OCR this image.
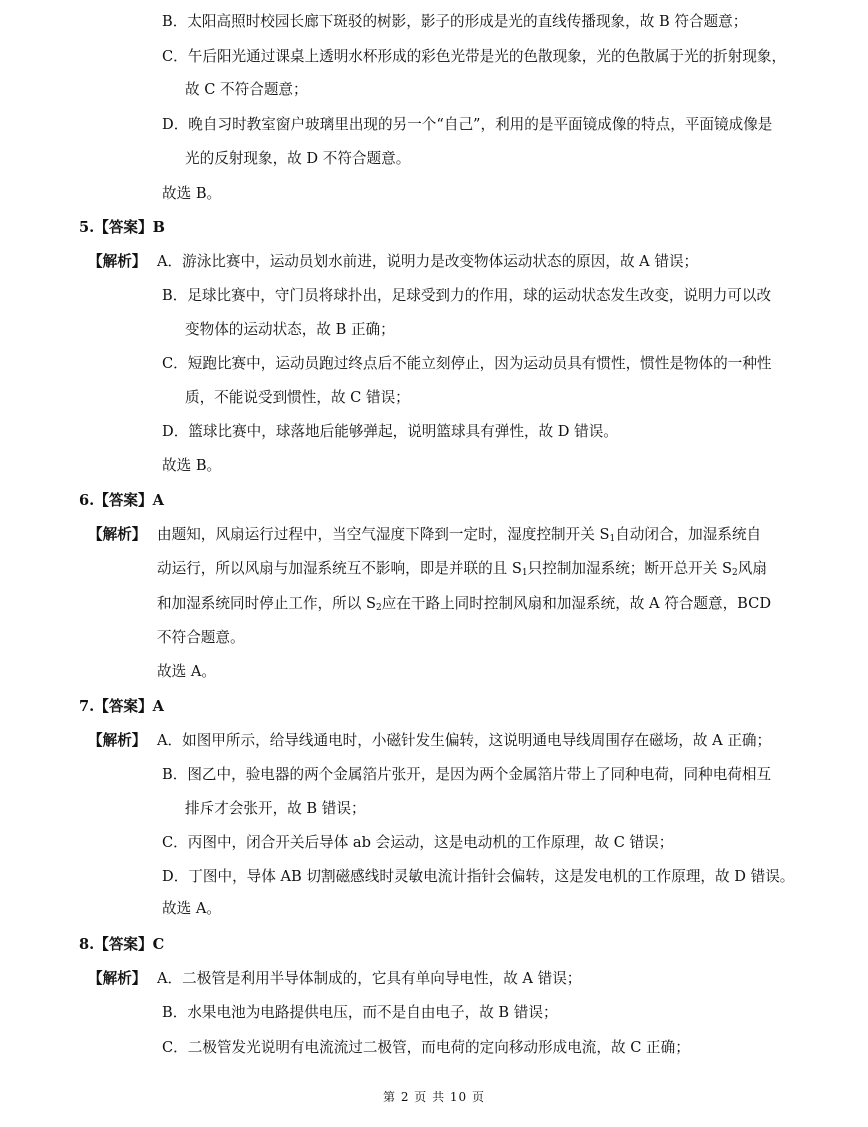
B．太阳高照时校园长廊下斑驳的树影，影子的形成是光的直线传播现象，故 B 符合题意；
C．午后阳光通过课桌上透明水杯形成的彩色光带是光的色散现象，光的色散属于光的折射现象，
故 C 不符合题意；
D．晚自习时教室窗户玻璃里出现的另一个“自己”，利用的是平面镜成像的特点，平面镜成像是
光的反射现象，故 D 不符合题意。
故选 B。
5.【答案】B
【解析】 A．游泳比赛中，运动员划水前进，说明力是改变物体运动状态的原因，故 A 错误；
B．足球比赛中，守门员将球扑出，足球受到力的作用，球的运动状态发生改变，说明力可以改
变物体的运动状态，故 B 正确；
C．短跑比赛中，运动员跑过终点后不能立刻停止，因为运动员具有惯性，惯性是物体的一种性
质，不能说受到惯性，故 C 错误；
D．篮球比赛中，球落地后能够弹起，说明篮球具有弹性，故 D 错误。
故选 B。
6.【答案】A
【解析】 由题知，风扇运行过程中，当空气湿度下降到一定时，湿度控制开关 $S_1$自动闭合，加湿系统自
动运行，所以风扇与加湿系统互不影响，即是并联的且 $S_1$只控制加湿系统；断开总开关 $S_2$风扇
和加湿系统同时停止工作，所以 $S_2$应在干路上同时控制风扇和加湿系统，故 A 符合题意，BCD
不符合题意。
故选 A。
7.【答案】A
【解析】 A．如图甲所示，给导线通电时，小磁针发生偏转，这说明通电导线周围存在磁场，故 A 正确；
B．图乙中，验电器的两个金属箔片张开，是因为两个金属箔片带上了同种电荷，同种电荷相互
排斥才会张开，故 B 错误；
C．丙图中，闭合开关后导体 ab 会运动，这是电动机的工作原理，故 C 错误；
D．丁图中，导体 AB 切割磁感线时灵敏电流计指针会偏转，这是发电机的工作原理，故 D 错误。
故选 A。
8.【答案】C
【解析】 A．二极管是利用半导体制成的，它具有单向导电性，故 A 错误；
B．水果电池为电路提供电压，而不是自由电子，故 B 错误；
C．二极管发光说明有电流流过二极管，而电荷的定向移动形成电流，故 C 正确；
第 2 页 共 10 页
